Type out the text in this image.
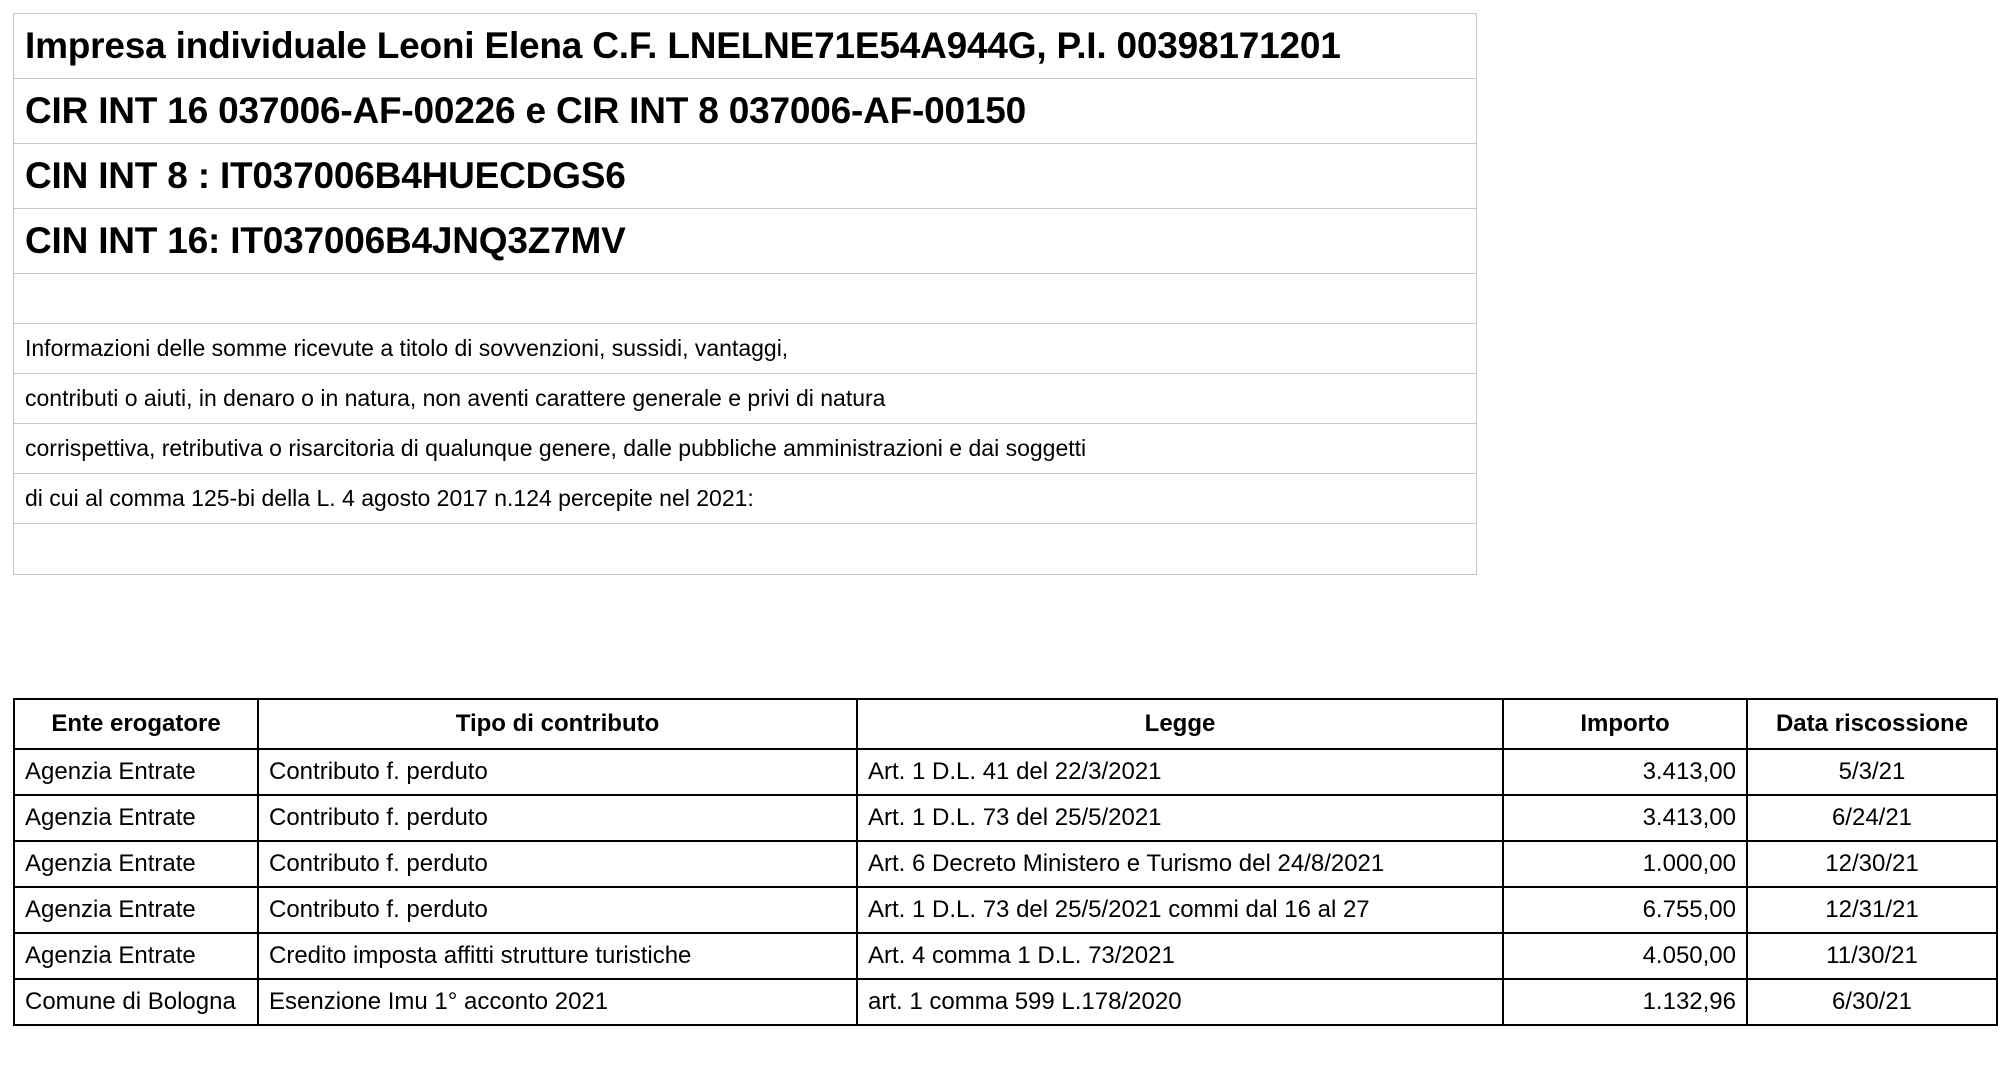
Impresa individuale Leoni Elena C.F. LNELNE71E54A944G, P.I. 00398171201
CIR INT 16 037006-AF-00226 e CIR INT 8 037006-AF-00150
CIN INT 8 : IT037006B4HUECDGS6
CIN INT 16: IT037006B4JNQ3Z7MV
Informazioni delle somme ricevute a titolo di sovvenzioni, sussidi, vantaggi,
contributi o aiuti, in denaro o in natura, non aventi carattere generale e privi di natura
corrispettiva, retributiva o risarcitoria di qualunque genere, dalle pubbliche amministrazioni e dai soggetti
di cui al comma 125-bi della L. 4 agosto 2017 n.124 percepite nel 2021:
Ente erogatore	Tipo di contributo	Legge	Importo	Data riscossione
Agenzia Entrate	Contributo f. perduto	Art. 1 D.L. 41 del 22/3/2021	3.413,00	5/3/21
Agenzia Entrate	Contributo f. perduto	Art. 1 D.L. 73 del 25/5/2021	3.413,00	6/24/21
Agenzia Entrate	Contributo f. perduto	Art. 6 Decreto Ministero e Turismo del 24/8/2021	1.000,00	12/30/21
Agenzia Entrate	Contributo f. perduto	Art. 1 D.L. 73 del 25/5/2021 commi dal 16 al 27	6.755,00	12/31/21
Agenzia Entrate	Credito imposta affitti strutture turistiche	Art. 4 comma 1 D.L. 73/2021	4.050,00	11/30/21
Comune di Bologna	Esenzione Imu 1° acconto 2021	art. 1 comma 599 L.178/2020	1.132,96	6/30/21
